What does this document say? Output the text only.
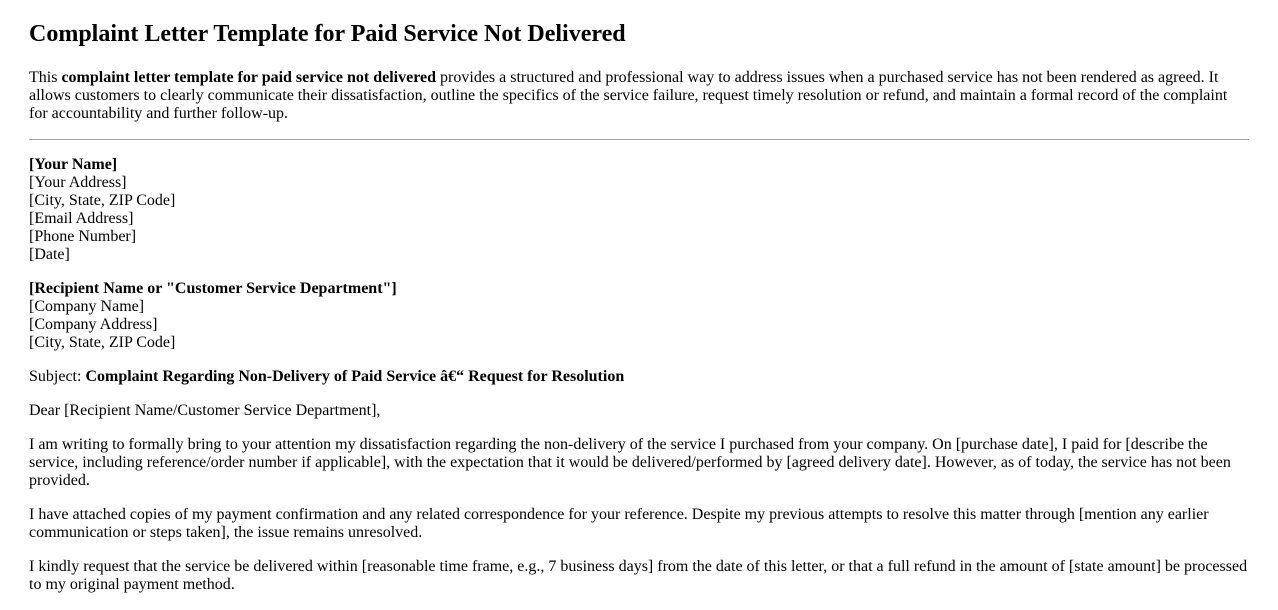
Complaint Letter Template for Paid Service Not Delivered

This complaint letter template for paid service not delivered provides a structured and professional way to address issues when a purchased service has not been rendered as agreed. It allows customers to clearly communicate their dissatisfaction, outline the specifics of the service failure, request timely resolution or refund, and maintain a formal record of the complaint for accountability and further follow-up.

[Your Name]
[Your Address]
[City, State, ZIP Code]
[Email Address]
[Phone Number]
[Date]

[Recipient Name or "Customer Service Department"]
[Company Name]
[Company Address]
[City, State, ZIP Code]

Subject: Complaint Regarding Non-Delivery of Paid Service â€“ Request for Resolution

Dear [Recipient Name/Customer Service Department],

I am writing to formally bring to your attention my dissatisfaction regarding the non-delivery of the service I purchased from your company. On [purchase date], I paid for [describe the service, including reference/order number if applicable], with the expectation that it would be delivered/performed by [agreed delivery date]. However, as of today, the service has not been provided.

I have attached copies of my payment confirmation and any related correspondence for your reference. Despite my previous attempts to resolve this matter through [mention any earlier communication or steps taken], the issue remains unresolved.

I kindly request that the service be delivered within [reasonable time frame, e.g., 7 business days] from the date of this letter, or that a full refund in the amount of [state amount] be processed to my original payment method.
